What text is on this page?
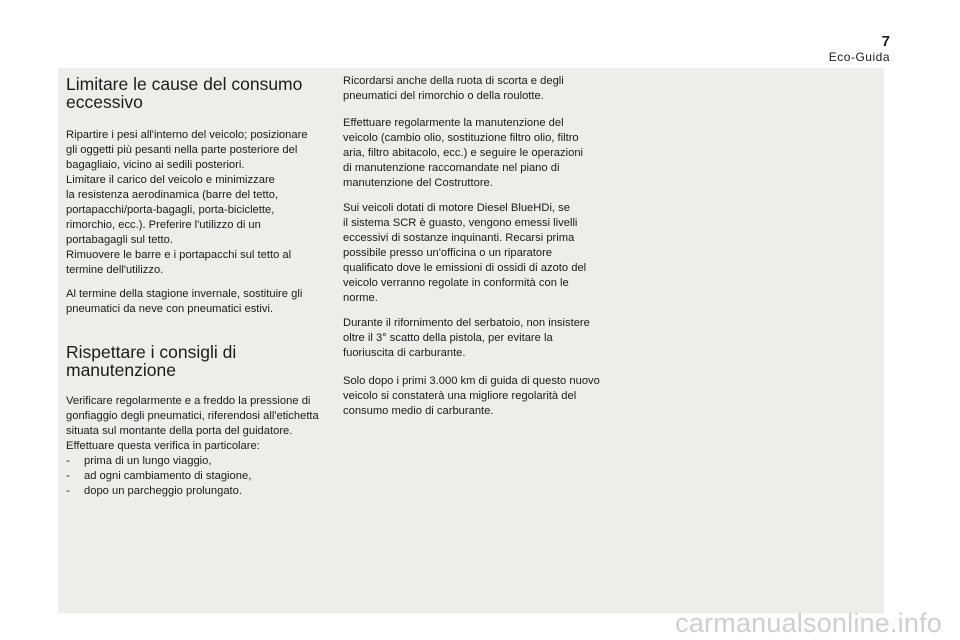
7
Eco-Guida
Limitare le cause del consumo
eccessivo

Ripartire i pesi all'interno del veicolo; posizionare
gli oggetti più pesanti nella parte posteriore del
bagagliaio, vicino ai sedili posteriori.
Limitare il carico del veicolo e minimizzare
la resistenza aerodinamica (barre del tetto,
portapacchi/porta-bagagli, porta-biciclette,
rimorchio, ecc.). Preferire l'utilizzo di un
portabagagli sul tetto.
Rimuovere le barre e i portapacchi sul tetto al
termine dell'utilizzo.

Al termine della stagione invernale, sostituire gli
pneumatici da neve con pneumatici estivi.

Rispettare i consigli di
manutenzione

Verificare regolarmente e a freddo la pressione di
gonfiaggio degli pneumatici, riferendosi all'etichetta
situata sul montante della porta del guidatore.
Effettuare questa verifica in particolare:

-	prima di un lungo viaggio,
-	ad ogni cambiamento di stagione,
-	dopo un parcheggio prolungato.

Ricordarsi anche della ruota di scorta e degli
pneumatici del rimorchio o della roulotte.

Effettuare regolarmente la manutenzione del
veicolo (cambio olio, sostituzione filtro olio, filtro
aria, filtro abitacolo, ecc.) e seguire le operazioni
di manutenzione raccomandate nel piano di
manutenzione del Costruttore.

Sui veicoli dotati di motore Diesel BlueHDi, se
il sistema SCR è guasto, vengono emessi livelli
eccessivi di sostanze inquinanti. Recarsi prima
possibile presso un'officina o un riparatore
qualificato dove le emissioni di ossidi di azoto del
veicolo verranno regolate in conformità con le
norme.

Durante il rifornimento del serbatoio, non insistere
oltre il 3° scatto della pistola, per evitare la
fuoriuscita di carburante.

Solo dopo i primi 3.000 km di guida di questo nuovo
veicolo si constaterà una migliore regolarità del
consumo medio di carburante.

carmanualsonline.info
